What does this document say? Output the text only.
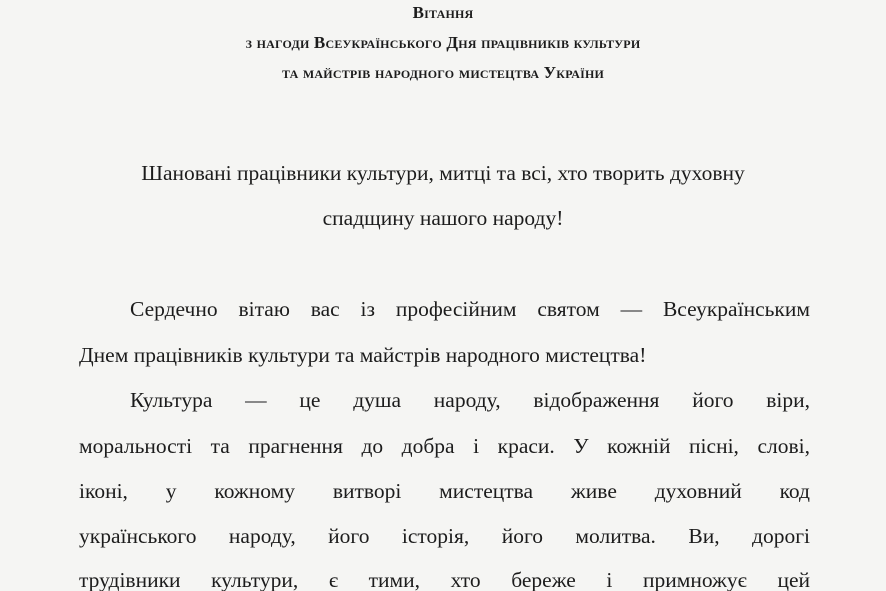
Вітання
з нагоди Всеукраїнського Дня працівників культури
та майстрів народного мистецтва України
Шановані працівники культури, митці та всі, хто творить духовну
спадщину нашого народу!
Сердечно вітаю вас із професійним святом — Всеукраїнським
Днем працівників культури та майстрів народного мистецтва!
Культура — це душа народу, відображення його віри,
моральності та прагнення до добра і краси. У кожній пісні, слові,
іконі, у кожному витворі мистецтва живе духовний код
українського народу, його історія, його молитва. Ви, дорогі
трудівники культури, є тими, хто береже і примножує цей
